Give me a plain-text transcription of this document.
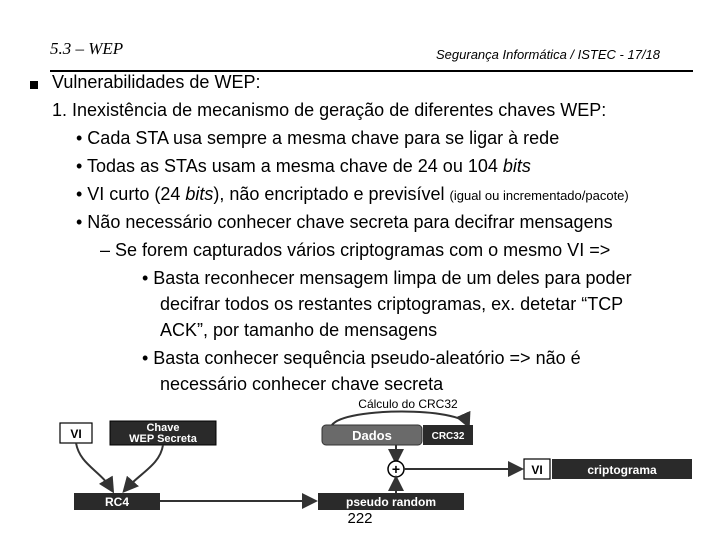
5.3 – WEP	Segurança Informática / ISTEC - 17/18
Vulnerabilidades de WEP:
1. Inexistência de mecanismo de geração de diferentes chaves WEP:
• Cada STA usa sempre a mesma chave para se ligar à rede
• Todas as STAs usam a mesma chave de 24 ou 104 bits
• VI curto (24 bits), não encriptado e previsível (igual ou incrementado/pacote)
• Não necessário conhecer chave secreta para decifrar mensagens
– Se forem capturados vários criptogramas com o mesmo VI =>
• Basta reconhecer mensagem limpa de um deles para poder
decifrar todos os restantes criptogramas, ex. detetar “TCP
ACK”, por tamanho de mensagens
• Basta conhecer sequência pseudo-aleatório => não é
necessário conhecer chave secreta
VI	Chave
WEP Secreta
RC4	pseudo random
Cálculo do CRC32
Dados	CRC32
+	VI	criptograma
222
